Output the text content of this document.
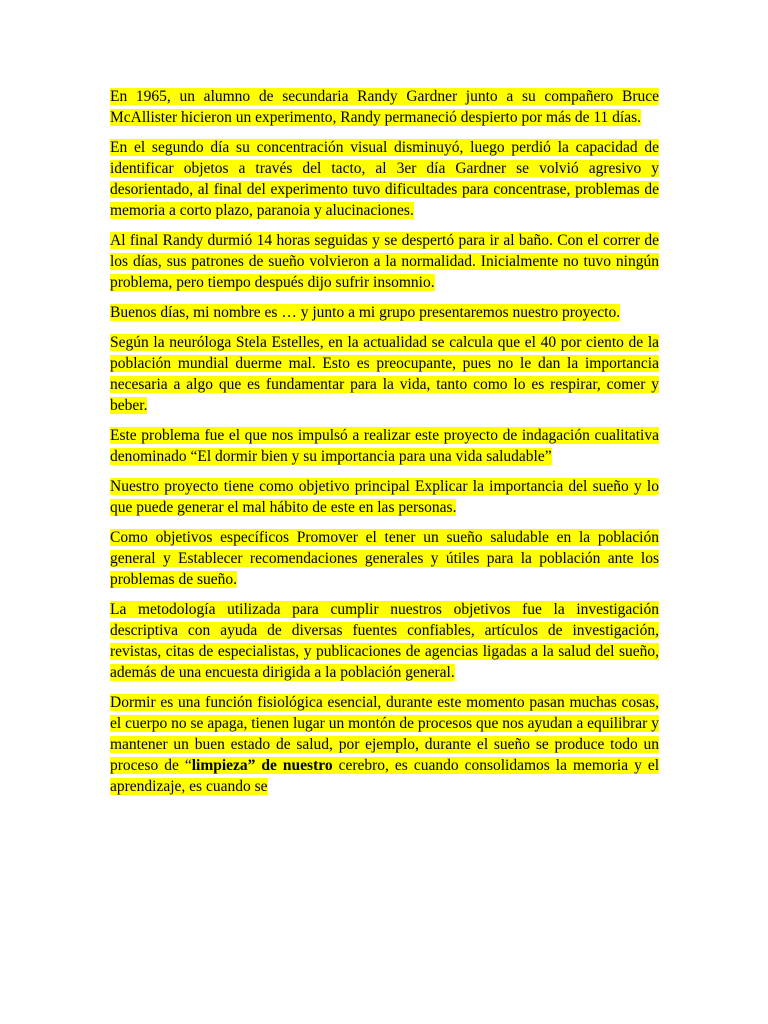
En 1965, un alumno de secundaria Randy Gardner junto a su compañero Bruce McAllister hicieron un experimento, Randy permaneció despierto por más de 11 días.

En el segundo día su concentración visual disminuyó, luego perdió la capacidad de identificar objetos a través del tacto, al 3er día Gardner se volvió agresivo y desorientado, al final del experimento tuvo dificultades para concentrase, problemas de memoria a corto plazo, paranoia y alucinaciones.

Al final Randy durmió 14 horas seguidas y se despertó para ir al baño. Con el correr de los días, sus patrones de sueño volvieron a la normalidad. Inicialmente no tuvo ningún problema, pero tiempo después dijo sufrir insomnio.

Buenos días, mi nombre es … y junto a mi grupo presentaremos nuestro proyecto.

Según la neuróloga Stela Estelles, en la actualidad se calcula que el 40 por ciento de la población mundial duerme mal. Esto es preocupante, pues no le dan la importancia necesaria a algo que es fundamentar para la vida, tanto como lo es respirar, comer y beber.

Este problema fue el que nos impulsó a realizar este proyecto de indagación cualitativa denominado “El dormir bien y su importancia para una vida saludable”

Nuestro proyecto tiene como objetivo principal Explicar la importancia del sueño y lo que puede generar el mal hábito de este en las personas.

Como objetivos específicos Promover el tener un sueño saludable en la población general y Establecer recomendaciones generales y útiles para la población ante los problemas de sueño.

La metodología utilizada para cumplir nuestros objetivos fue la investigación descriptiva con ayuda de diversas fuentes confiables, artículos de investigación, revistas, citas de especialistas, y publicaciones de agencias ligadas a la salud del sueño, además de una encuesta dirigida a la población general.

Dormir es una función fisiológica esencial, durante este momento pasan muchas cosas, el cuerpo no se apaga, tienen lugar un montón de procesos que nos ayudan a equilibrar y mantener un buen estado de salud, por ejemplo, durante el sueño se produce todo un proceso de “limpieza” de nuestro cerebro, es cuando consolidamos la memoria y el aprendizaje, es cuando se
